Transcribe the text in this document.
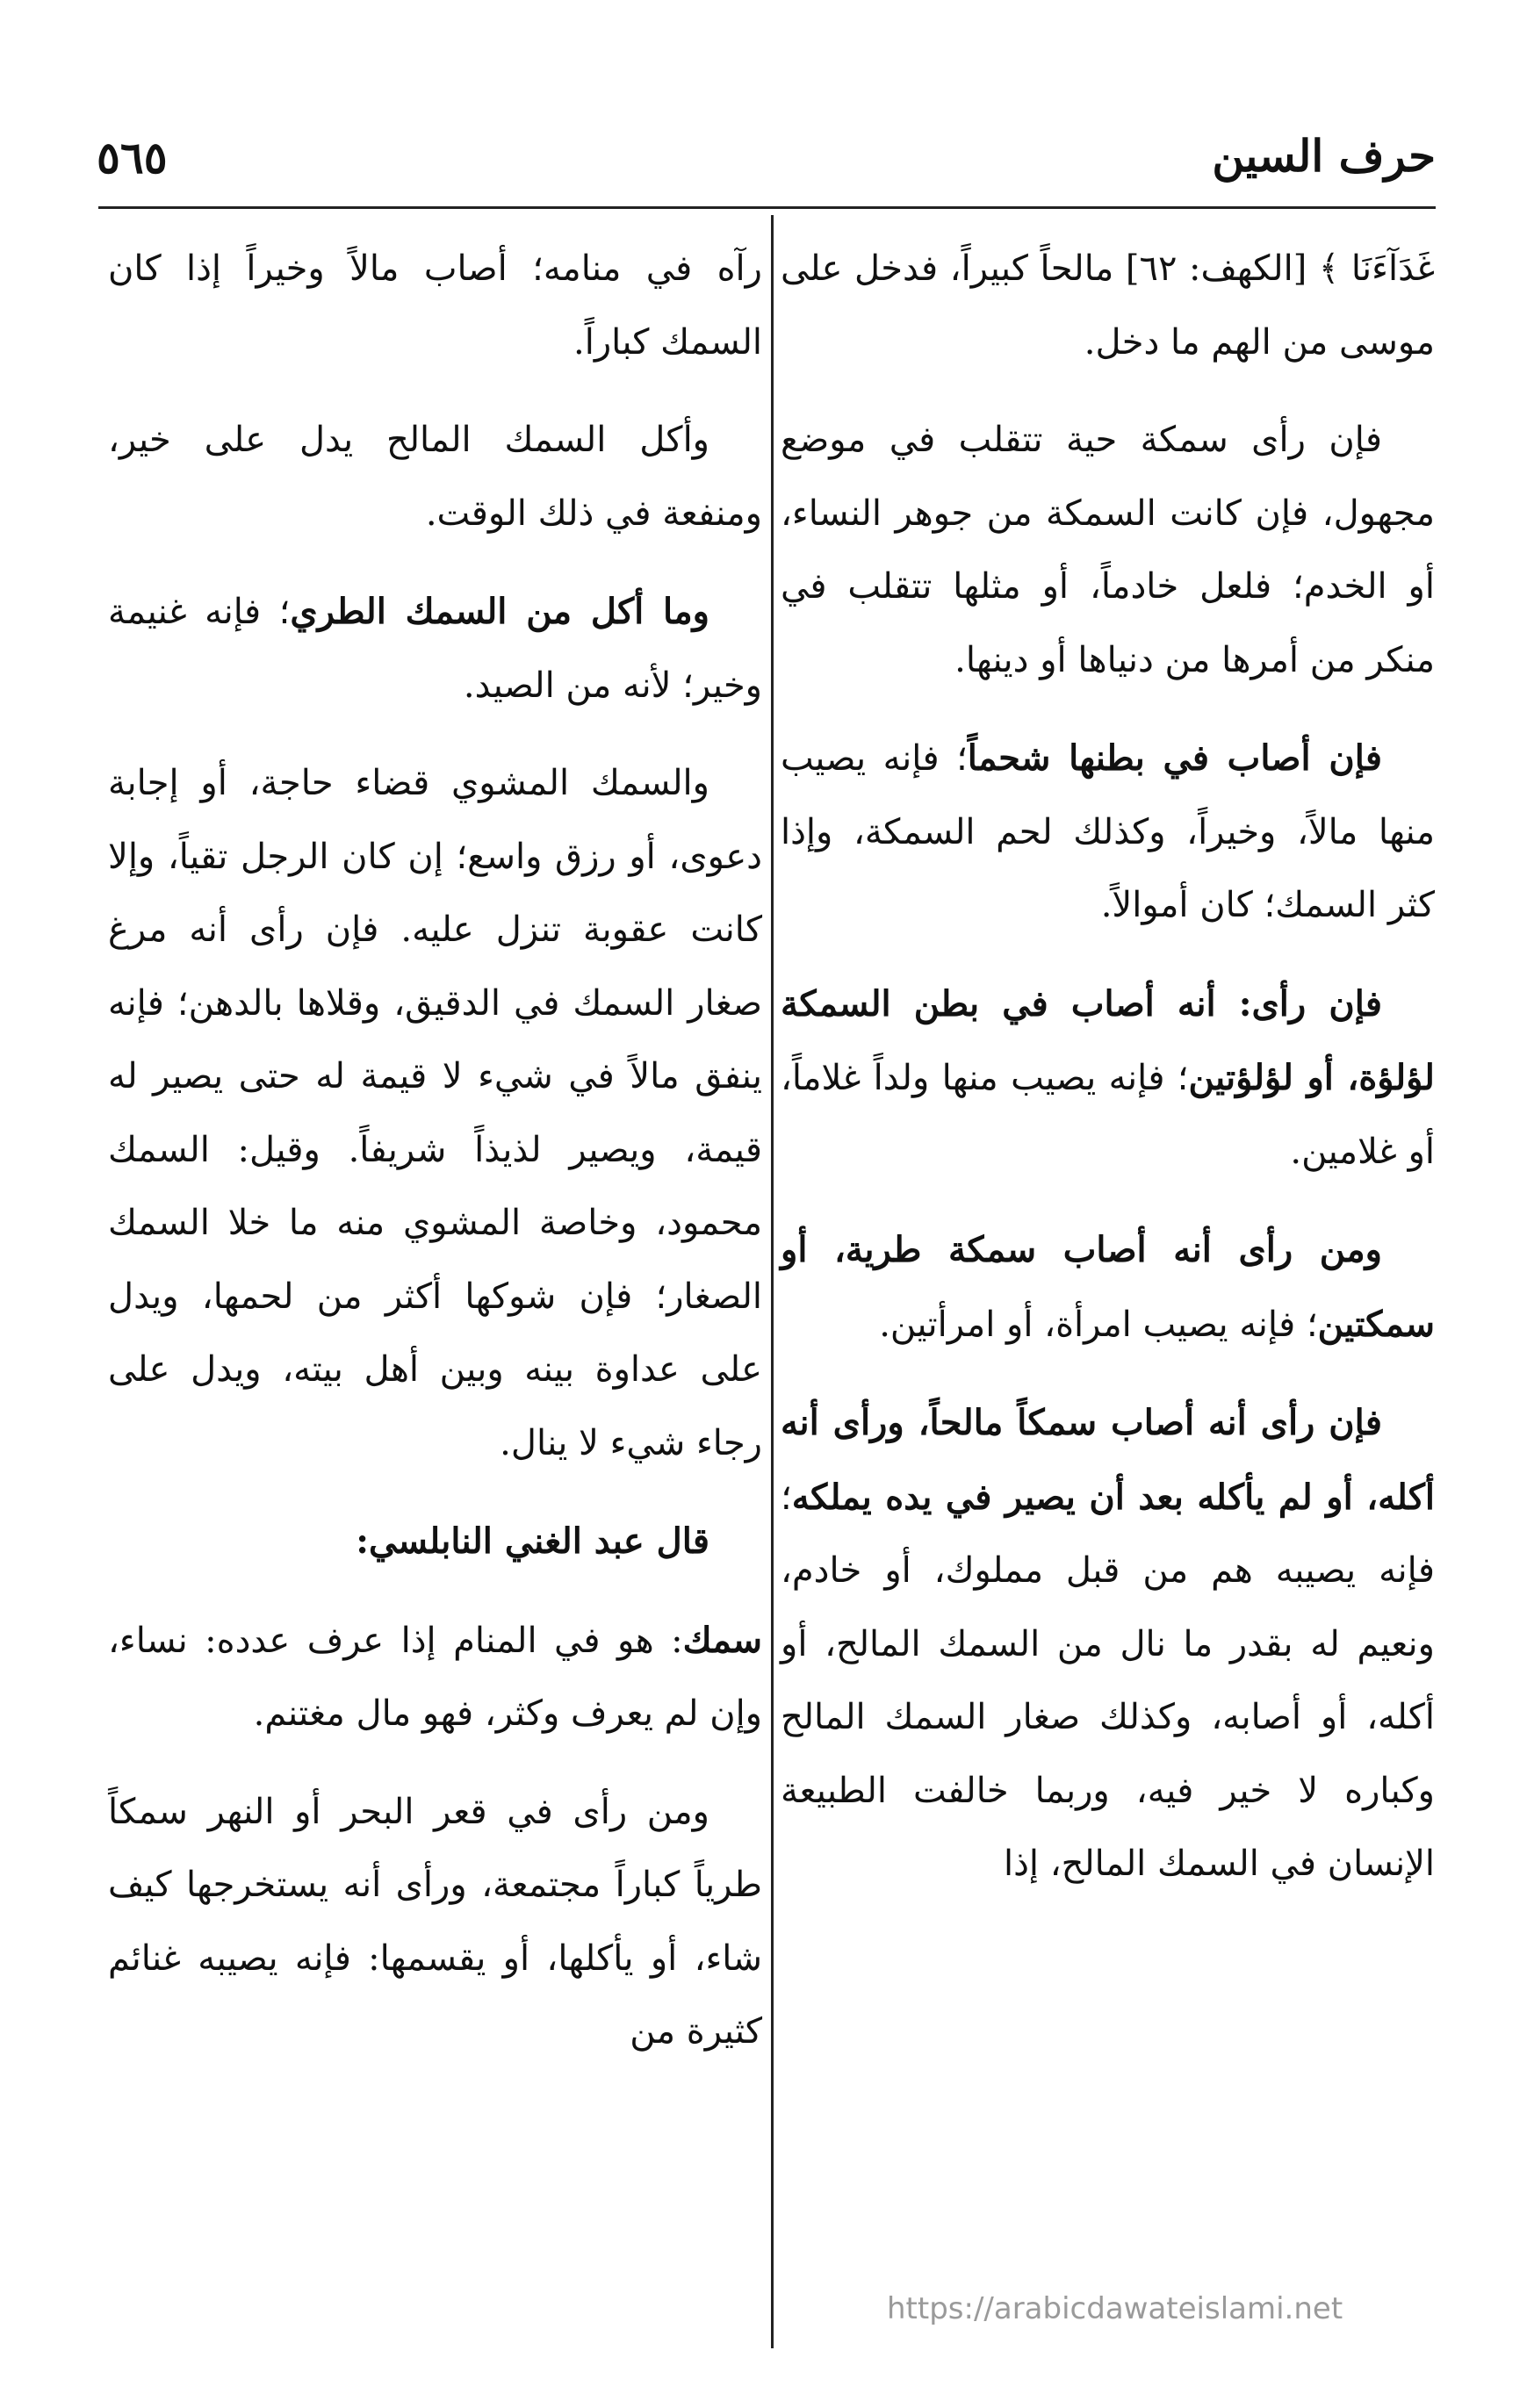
٥٦٥	حرف السين

غَدَآءَنَا ﴾ [الكهف: ٦٢] مالحاً كبيراً، فدخل على موسى من الهم ما دخل.

فإن رأى سمكة حية تتقلب في موضع مجهول، فإن كانت السمكة من جوهر النساء، أو الخدم؛ فلعل خادماً، أو مثلها تتقلب في منكر من أمرها من دنياها أو دينها.

فإن أصاب في بطنها شحماً؛ فإنه يصيب منها مالاً، وخيراً، وكذلك لحم السمكة، وإذا كثر السمك؛ كان أموالاً.

فإن رأى: أنه أصاب في بطن السمكة لؤلؤة، أو لؤلؤتين؛ فإنه يصيب منها ولداً غلاماً، أو غلامين.

ومن رأى أنه أصاب سمكة طرية، أو سمكتين؛ فإنه يصيب امرأة، أو امرأتين.

فإن رأى أنه أصاب سمكاً مالحاً، ورأى أنه أكله، أو لم يأكله بعد أن يصير في يده يملكه؛ فإنه يصيبه هم من قبل مملوك، أو خادم، ونعيم له بقدر ما نال من السمك المالح، أو أكله، أو أصابه، وكذلك صغار السمك المالح وكباره لا خير فيه، وربما خالفت الطبيعة الإنسان في السمك المالح، إذا

رآه في منامه؛ أصاب مالاً وخيراً إذا كان السمك كباراً.

وأكل السمك المالح يدل على خير، ومنفعة في ذلك الوقت.

وما أكل من السمك الطري؛ فإنه غنيمة وخير؛ لأنه من الصيد.

والسمك المشوي قضاء حاجة، أو إجابة دعوى، أو رزق واسع؛ إن كان الرجل تقياً، وإلا كانت عقوبة تنزل عليه. فإن رأى أنه مرغ صغار السمك في الدقيق، وقلاها بالدهن؛ فإنه ينفق مالاً في شيء لا قيمة له حتى يصير له قيمة، ويصير لذيذاً شريفاً. وقيل: السمك محمود، وخاصة المشوي منه ما خلا السمك الصغار؛ فإن شوكها أكثر من لحمها، ويدل على عداوة بينه وبين أهل بيته، ويدل على رجاء شيء لا ينال.

قال عبد الغني النابلسي:

سمك: هو في المنام إذا عرف عدده: نساء، وإن لم يعرف وكثر، فهو مال مغتنم.

ومن رأى في قعر البحر أو النهر سمكاً طرياً كباراً مجتمعة، ورأى أنه يستخرجها كيف شاء، أو يأكلها، أو يقسمها: فإنه يصيبه غنائم كثيرة من

https://arabicdawateislami.net
